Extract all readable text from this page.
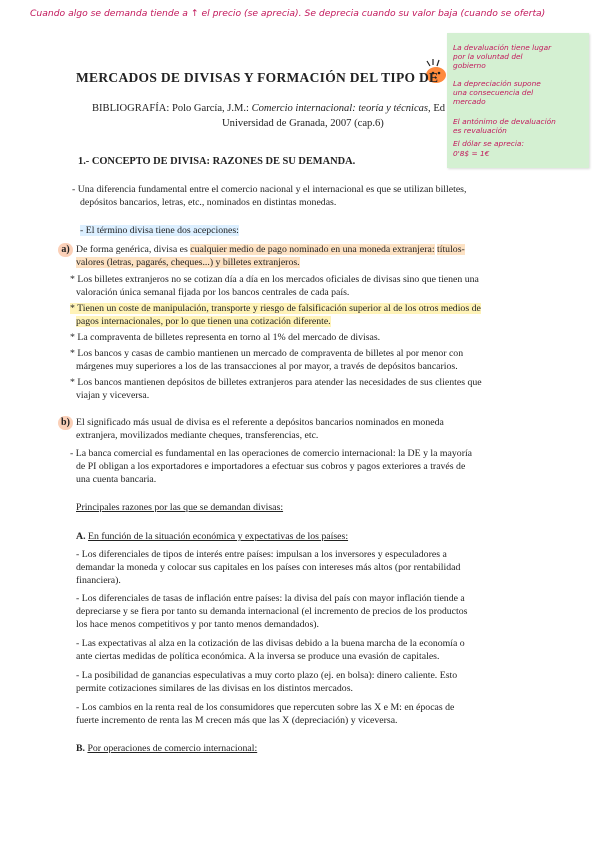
Cuando algo se demanda tiende a ↑ el precio (se aprecia). Se deprecia cuando su valor baja (cuando se oferta)
La devaluación tiene lugar
por la voluntad del
gobierno
La depreciación supone
una consecuencia del
mercado
El antónimo de devaluación
es revaluación
El dólar se aprecia:
0'8$ = 1€
MERCADOS DE DIVISAS Y FORMACIÓN DEL TIPO DE
BIBLIOGRAFÍA: Polo García, J.M.: Comercio internacional: teoría y técnicas, Ed
Universidad de Granada, 2007 (cap.6)
1.- CONCEPTO DE DIVISA: RAZONES DE SU DEMANDA.
- Una diferencia fundamental entre el comercio nacional y el internacional es que se utilizan billetes,
depósitos bancarios, letras, etc., nominados en distintas monedas.
- El término divisa tiene dos acepciones:
a) De forma genérica, divisa es cualquier medio de pago nominado en una moneda extranjera: títulos-
valores (letras, pagarés, cheques...) y billetes extranjeros.
* Los billetes extranjeros no se cotizan día a día en los mercados oficiales de divisas sino que tienen una
valoración única semanal fijada por los bancos centrales de cada país.
* Tienen un coste de manipulación, transporte y riesgo de falsificación superior al de los otros medios de
pagos internacionales, por lo que tienen una cotización diferente.
* La compraventa de billetes representa en torno al 1% del mercado de divisas.
* Los bancos y casas de cambio mantienen un mercado de compraventa de billetes al por menor con
márgenes muy superiores a los de las transacciones al por mayor, a través de depósitos bancarios.
* Los bancos mantienen depósitos de billetes extranjeros para atender las necesidades de sus clientes que
viajan y viceversa.
b) El significado más usual de divisa es el referente a depósitos bancarios nominados en moneda
extranjera, movilizados mediante cheques, transferencias, etc.
- La banca comercial es fundamental en las operaciones de comercio internacional: la DE y la mayoría
de PI obligan a los exportadores e importadores a efectuar sus cobros y pagos exteriores a través de
una cuenta bancaria.
Principales razones por las que se demandan divisas:
A. En función de la situación económica y expectativas de los países:
- Los diferenciales de tipos de interés entre países: impulsan a los inversores y especuladores a
demandar la moneda y colocar sus capitales en los países con intereses más altos (por rentabilidad
financiera).
- Los diferenciales de tasas de inflación entre países: la divisa del país con mayor inflación tiende a
depreciarse y se fiera por tanto su demanda internacional (el incremento de precios de los productos
los hace menos competitivos y por tanto menos demandados).
- Las expectativas al alza en la cotización de las divisas debido a la buena marcha de la economía o
ante ciertas medidas de política económica. A la inversa se produce una evasión de capitales.
- La posibilidad de ganancias especulativas a muy corto plazo (ej. en bolsa): dinero caliente. Esto
permite cotizaciones similares de las divisas en los distintos mercados.
- Los cambios en la renta real de los consumidores que repercuten sobre las X e M: en épocas de
fuerte incremento de renta las M crecen más que las X (depreciación) y viceversa.
B. Por operaciones de comercio internacional:
